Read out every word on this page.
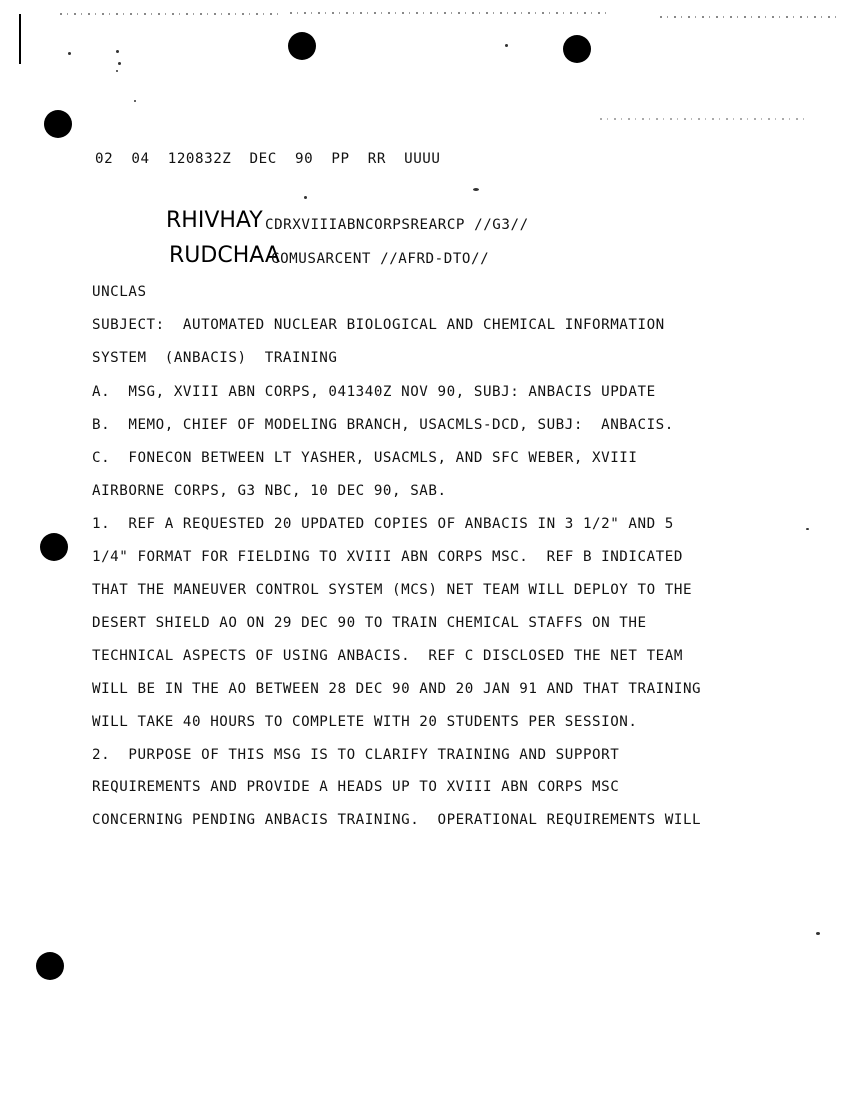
02  04  120832Z  DEC  90  PP  RR  UUUU
RHIVHAY CDRXVIIIABNCORPSREARCP //G3//
RUDCHAA
COMUSARCENT //AFRD-DTO//
UNCLAS
SUBJECT:  AUTOMATED NUCLEAR BIOLOGICAL AND CHEMICAL INFORMATION
SYSTEM  (ANBACIS)  TRAINING
A.  MSG, XVIII ABN CORPS, 041340Z NOV 90, SUBJ: ANBACIS UPDATE
B.  MEMO, CHIEF OF MODELING BRANCH, USACMLS-DCD, SUBJ:  ANBACIS.
C.  FONECON BETWEEN LT YASHER, USACMLS, AND SFC WEBER, XVIII
AIRBORNE CORPS, G3 NBC, 10 DEC 90, SAB.
1.  REF A REQUESTED 20 UPDATED COPIES OF ANBACIS IN 3 1/2" AND 5
1/4" FORMAT FOR FIELDING TO XVIII ABN CORPS MSC.  REF B INDICATED
THAT THE MANEUVER CONTROL SYSTEM (MCS) NET TEAM WILL DEPLOY TO THE
DESERT SHIELD AO ON 29 DEC 90 TO TRAIN CHEMICAL STAFFS ON THE
TECHNICAL ASPECTS OF USING ANBACIS.  REF C DISCLOSED THE NET TEAM
WILL BE IN THE AO BETWEEN 28 DEC 90 AND 20 JAN 91 AND THAT TRAINING
WILL TAKE 40 HOURS TO COMPLETE WITH 20 STUDENTS PER SESSION.
2.  PURPOSE OF THIS MSG IS TO CLARIFY TRAINING AND SUPPORT
REQUIREMENTS AND PROVIDE A HEADS UP TO XVIII ABN CORPS MSC
CONCERNING PENDING ANBACIS TRAINING.  OPERATIONAL REQUIREMENTS WILL
